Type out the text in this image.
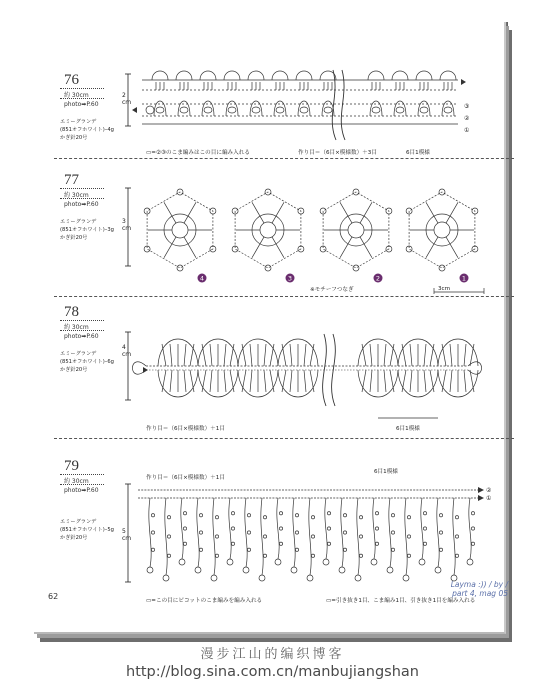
76
約 30cm
photo➡P.60
エミーグランデ
(851オフホワイト)–4g
かぎ針20号
2 cm
③
②
①
▭=②③のこま編みはこの目に編み入れる	作り目＝（6目×模様数）＋3目	6目1模様
77
約 30cm
photo➡P.60
エミーグランデ
(851オフホワイト)–3g
かぎ針20号
3 cm
4	3	2	1
※モチーフつなぎ	3cm
78
約 30cm
photo➡P.60
エミーグランデ
(851オフホワイト)–6g
かぎ針20号
4 cm
作り目＝（6目×模様数）＋1目	6目1模様
79
約 30cm
photo➡P.60
エミーグランデ
(851オフホワイト)–5g
かぎ針20号
5 cm
作り目＝（6目×模様数）＋1目
6目1模様
②
①
▭=この目にピコットのこま編みを編み入れる	▭=引き抜き1目、こま編み1目、引き抜き1目を編み入れる
62
Layma :)) / by / part 4, mag 05
漫步江山的编织博客
http://blog.sina.com.cn/manbujiangshan
